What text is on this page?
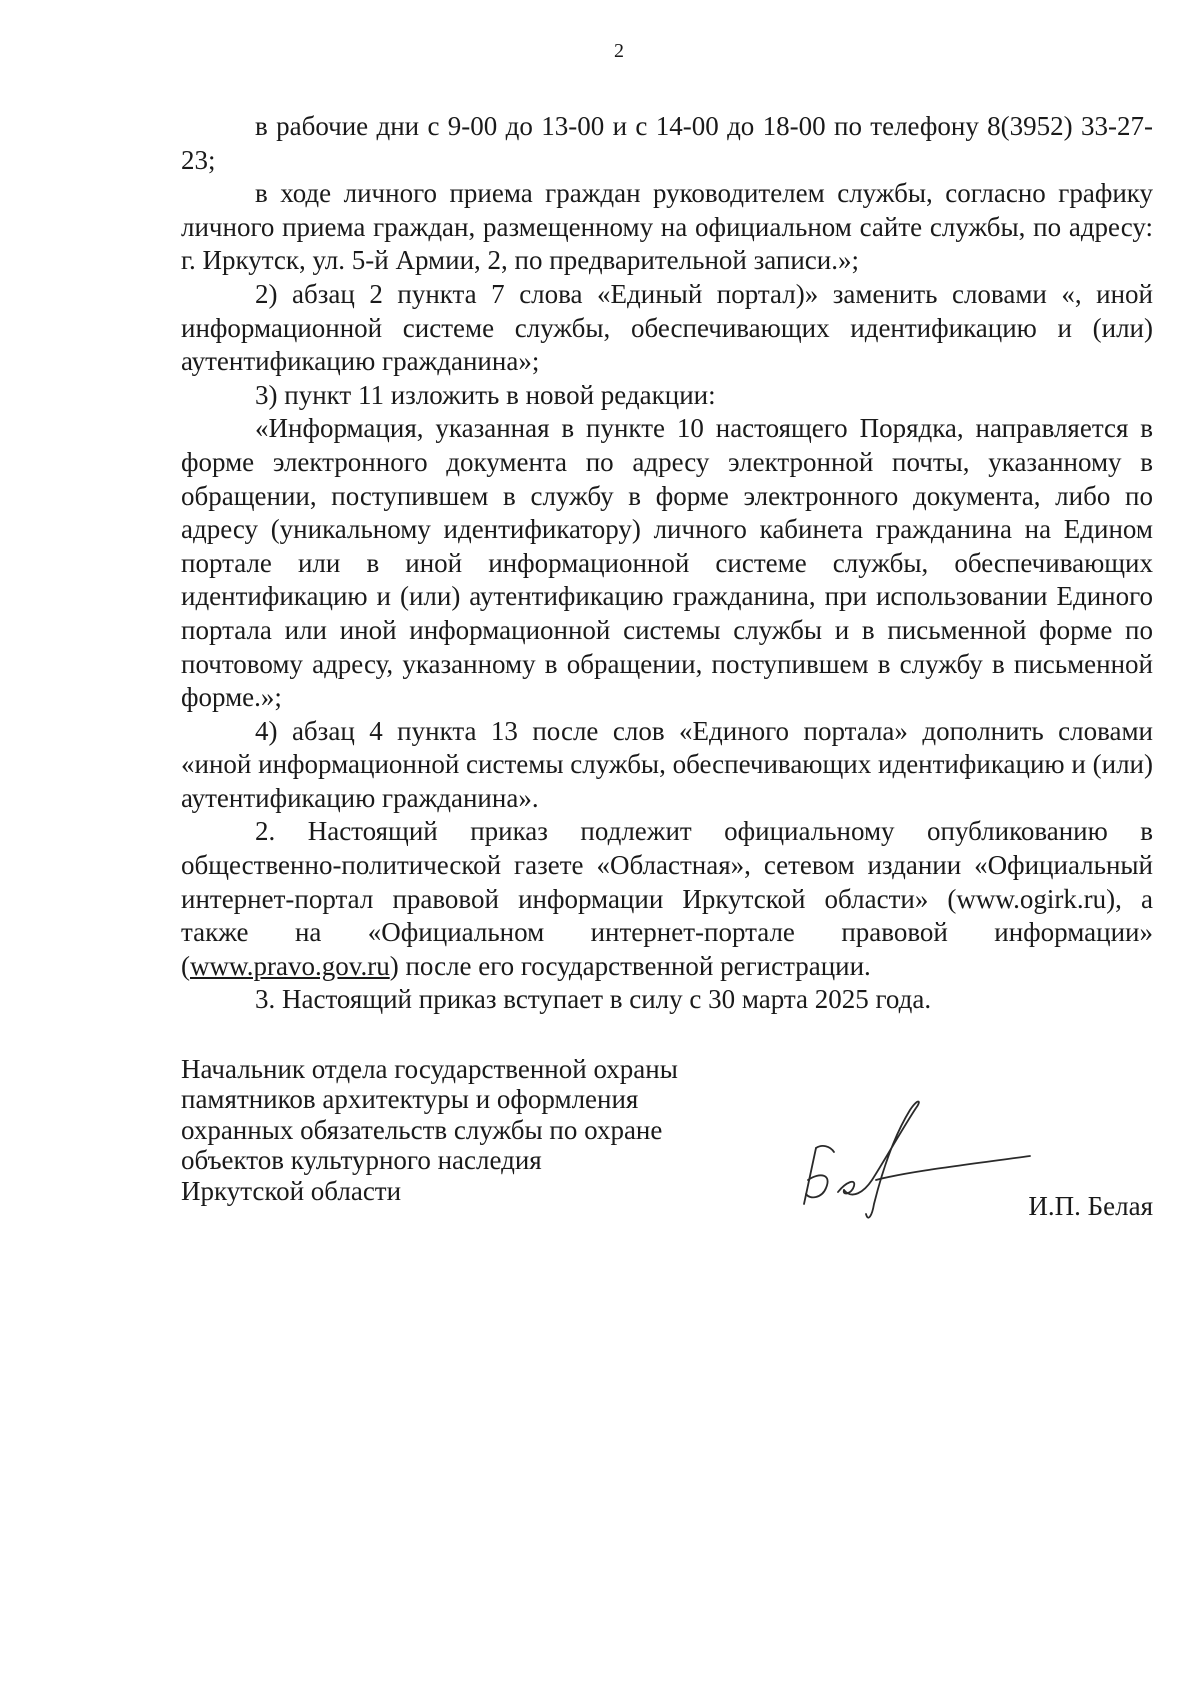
2

в рабочие дни с 9-00 до 13-00 и с 14-00 до 18-00 по телефону 8(3952) 33-27-23;

в ходе личного приема граждан руководителем службы, согласно графику личного приема граждан, размещенному на официальном сайте службы, по адресу: г. Иркутск, ул. 5-й Армии, 2, по предварительной записи.»;

2) абзац 2 пункта 7 слова «Единый портал)» заменить словами «, иной информационной системе службы, обеспечивающих идентификацию и (или) аутентификацию гражданина»;

3) пункт 11 изложить в новой редакции:

«Информация, указанная в пункте 10 настоящего Порядка, направляется в форме электронного документа по адресу электронной почты, указанному в обращении, поступившем в службу в форме электронного документа, либо по адресу (уникальному идентификатору) личного кабинета гражданина на Едином портале или в иной информационной системе службы, обеспечивающих идентификацию и (или) аутентификацию гражданина, при использовании Единого портала или иной информационной системы службы и в письменной форме по почтовому адресу, указанному в обращении, поступившем в службу в письменной форме.»;

4) абзац 4 пункта 13 после слов «Единого портала» дополнить словами «иной информационной системы службы, обеспечивающих идентификацию и (или) аутентификацию гражданина».

2. Настоящий приказ подлежит официальному опубликованию в общественно-политической газете «Областная», сетевом издании «Официальный интернет-портал правовой информации Иркутской области» (www.ogirk.ru), а также на «Официальном интернет-портале правовой информации» (www.pravo.gov.ru) после его государственной регистрации.

3. Настоящий приказ вступает в силу с 30 марта 2025 года.

Начальник отдела государственной охраны
памятников архитектуры и оформления
охранных обязательств службы по охране
объектов культурного наследия
Иркутской области
И.П. Белая
